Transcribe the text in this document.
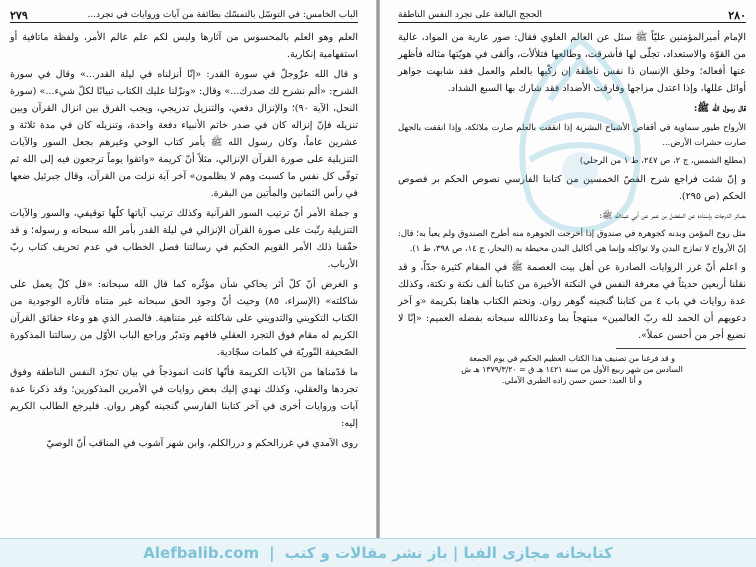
الباب الخامس: في التوسّل بالتمسّك بطائفة من آيات وروايات في تجرد...
٢٧٩

العلم وهو العلم بالمحسوس من آثارها وليس لكم علم عالم الأمر، ولفظة ماتافية أو استفهامية إنكارية.

و قال الله عزّوجلّ في سورة القدر: «إنّا أنزلناه في ليلة القدر...» وقال في سورة الشرح: «ألم نشرح لك صدرك...» وقال: «ونزّلنا عليك الكتاب تبيانًا لكلّ شيء...» (سورة النحل، الآية ٩٠)؛ والإنزال دفعي، والتنزيل تدريجي، ويجب الفرق بين انزال القرآن وبين تنزيله فإنّ إنزاله كان في صدر خاتم الأنبياء دفعة واحدة، وتنزيله كان في مدة ثلاثة و عشرين عاماً، وكان رسول الله ﷺ يأمر كتاب الوحي وغيرهم بجعل السور والآيات التنزيلية على صورة القرآن الإنزالي، مثلاً أنّ كريمة «واتقوا يوماً ترجعون فيه إلى الله ثم توفّى كل نفس ما كسبت وهم لا يظلمون» آخر آية نزلت من القرآن، وقال جبرئيل ضعها في رأس الثمانين والمأتين من البقرة.

و جملة الأمر أنّ ترتيب السور القرآنية وكذلك ترتيب آياتها كلّها توقيفي، والسور والآيات التنزيلية رتّبت على صورة القرآن الإنزالي في ليلة القدر بأمر الله سبحانه و رسوله؛ و قد حقّقنا ذلك الأمر القويم الحكيم في رسالتنا فصل الخطاب في عدم تحريف كتاب ربّ الأرباب.

و الغرض أنّ كلّ أثر يحاكي شأن مؤثّره كما قال الله سبحانه: «قل كلّ يعمل على شاكلته» (الإسراء، ٨٥) وحيث أنّ وجود الحق سبحانه غير متناه فآثاره الوجودية من الكتاب التكويني والتدويني على شاكلته غير متناهية. فالصدر الذي هو وعاء حقائق القرآن الكريم له مقام فوق التجرد العقلي فافهم وتدبّر وراجع الباب الأوّل من رسالتنا المذكورة الصّحيفة النّوريّة في كلمات سجّادية.

ما قدّمناها من الآيات الكريمة فأنّها كانت انموذجاً في بيان تجرّد النفس الناطقة وفوق تجردها والعقلي، وكذلك نهدي إليك بعض روايات في الأمرين المذكورين؛ وقد ذكرنا عدة آيات وروايات أخرى في آخر كتابنا الفارسي گنجينه گوهر روان. فليرجع الطالب الكريم إليه:

روى الآمدي في غررالحكم و دررالكلم، وابن شهر آشوب في المناقب أنّ الوصيّ

٢٨٠
الحجج البالغة على تجرد النفس الناطقة

الإمام أميرالمؤمنين عليّاً ﷺ سئل عن العالم العلوي فقال: صور عارية من المواد، عالية من القوّة والاستعداد، تجلّى لها فأشرقت، وطالعها فتلألأت، وألقى في هويّتها مثاله فأظهر عنها أفعاله؛ وخلق الإنسان ذا نفس ناطقة إن زكّيها بالعلم والعمل فقد شابهت جواهر أوائل عللها، وإذا اعتدل مزاجها وفارقت الأضداد فقد شارك بها السبع الشداد.

قال رسول الله ﷺ:

الأرواح طيور سماوية في أقفاص الأشباح البشرية إذا انقفت بالعلم صارت ملائكة، وإذا انقفت بالجهل صارت حشرات الأرض...

(مطلع الشمس، ج ٢، ص ٢٤٧، ط ١ من الرحلي)

و إنّ شئت فراجع شرح الفصّ الخمسين من كتابنا الفارسي نصوص الحكم بر فصوص الحكم (ص ٢٩٥).

بصائر الدرجات بإسناده عن المفضل بن عمر عن أبي عبدالله ﷺ:

مثل روح المؤمن وبدنه كجوهرة في صندوق إذا أخرجت الجوهرة منه أطرح الصندوق ولم يعبأ به؛ قال: إنّ الأرواح لا تمازج البدن ولا تواكله وإنما هي أكاليل البدن محيطة به (البحار، ج ١٤، ص ٣٩٨، ط ١).

و اعلم أنّ غرر الروايات الصادرة عن أهل بيت العصمة ﷺ في المقام كثيرة جدّاً، و قد نقلنا أربعين حديثاً في معرفة النفس في النكتة الأخيرة من كتابنا ألف نكتة و نكتة، وكذلك عدة روايات في باب ٤ من كتابنا گنجينه گوهر روان. ونختم الكتاب هاهنا بكريمة «و آخر دعويهم أن الحمد لله ربّ العالمين» مبتهجاً بما وعدناالله سبحانه بفضله العميم: «إنّا لا نضيع أجر من أحسن عملاً».

و قد فرغنا من تصنيف هذا الكتاب العظيم الحكيم في يوم الجمعة
السادس من شهر ربيع الأول من سنة ١٤٢١ هـ ق = ١٣٧٩/٣/٢٠ هـ ش
و أنا العبد: حسن حسن زاده الطبري الآملي.
Alefbalib.com | کتابخانه مجازی الفبا | باز نشر مقالات و کتب
